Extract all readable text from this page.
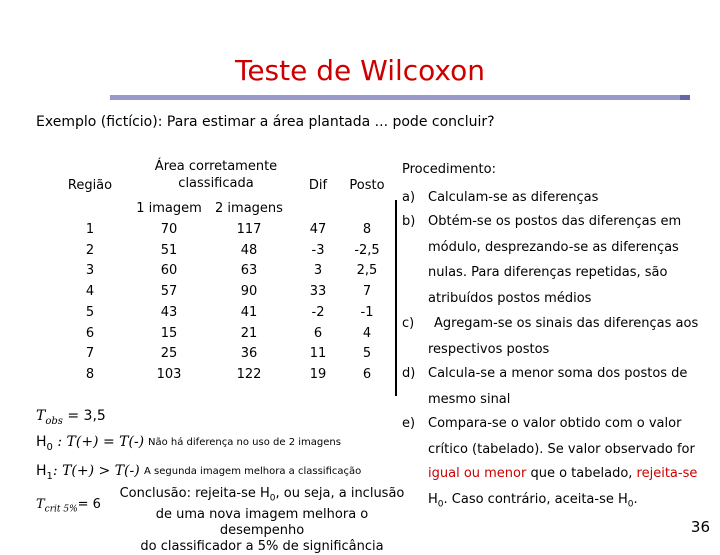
Teste de Wilcoxon
Exemplo (fictício): Para estimar a área plantada ... pode concluir?
Região
Área corretamente classificada
1 imagem	2 imagens
Dif	Posto
1	70	117	47	8
2	51	48	-3	-2,5
3	60	63	3	2,5
4	57	90	33	7
5	43	41	-2	-1
6	15	21	6	4
7	25	36	11	5
8	103	122	19	6
Procedimento:
a) Calculam-se as diferenças
b) Obtém-se os postos das diferenças em
módulo, desprezando-se as diferenças
nulas. Para diferenças repetidas, são
atribuídos postos médios
c) Agregam-se os sinais das diferenças aos
respectivos postos
d) Calcula-se a menor soma dos postos de
mesmo sinal
e) Compara-se o valor obtido com o valor
crítico (tabelado). Se valor observado for
igual ou menor que o tabelado, rejeita-se
$H_0$. Caso contrário, aceita-se $H_0$.
$T_{obs} = 3,5$
$H_0$ : T(+) = T(-) Não há diferença no uso de 2 imagens
$H_1$: T(+) > T(-) A segunda imagem melhora a classificação
$T_{crit 5\%}= 6$
Conclusão: rejeita-se $H_0$, ou seja, a inclusão
de uma nova imagem melhora o desempenho
do classificador a 5% de significância
36
